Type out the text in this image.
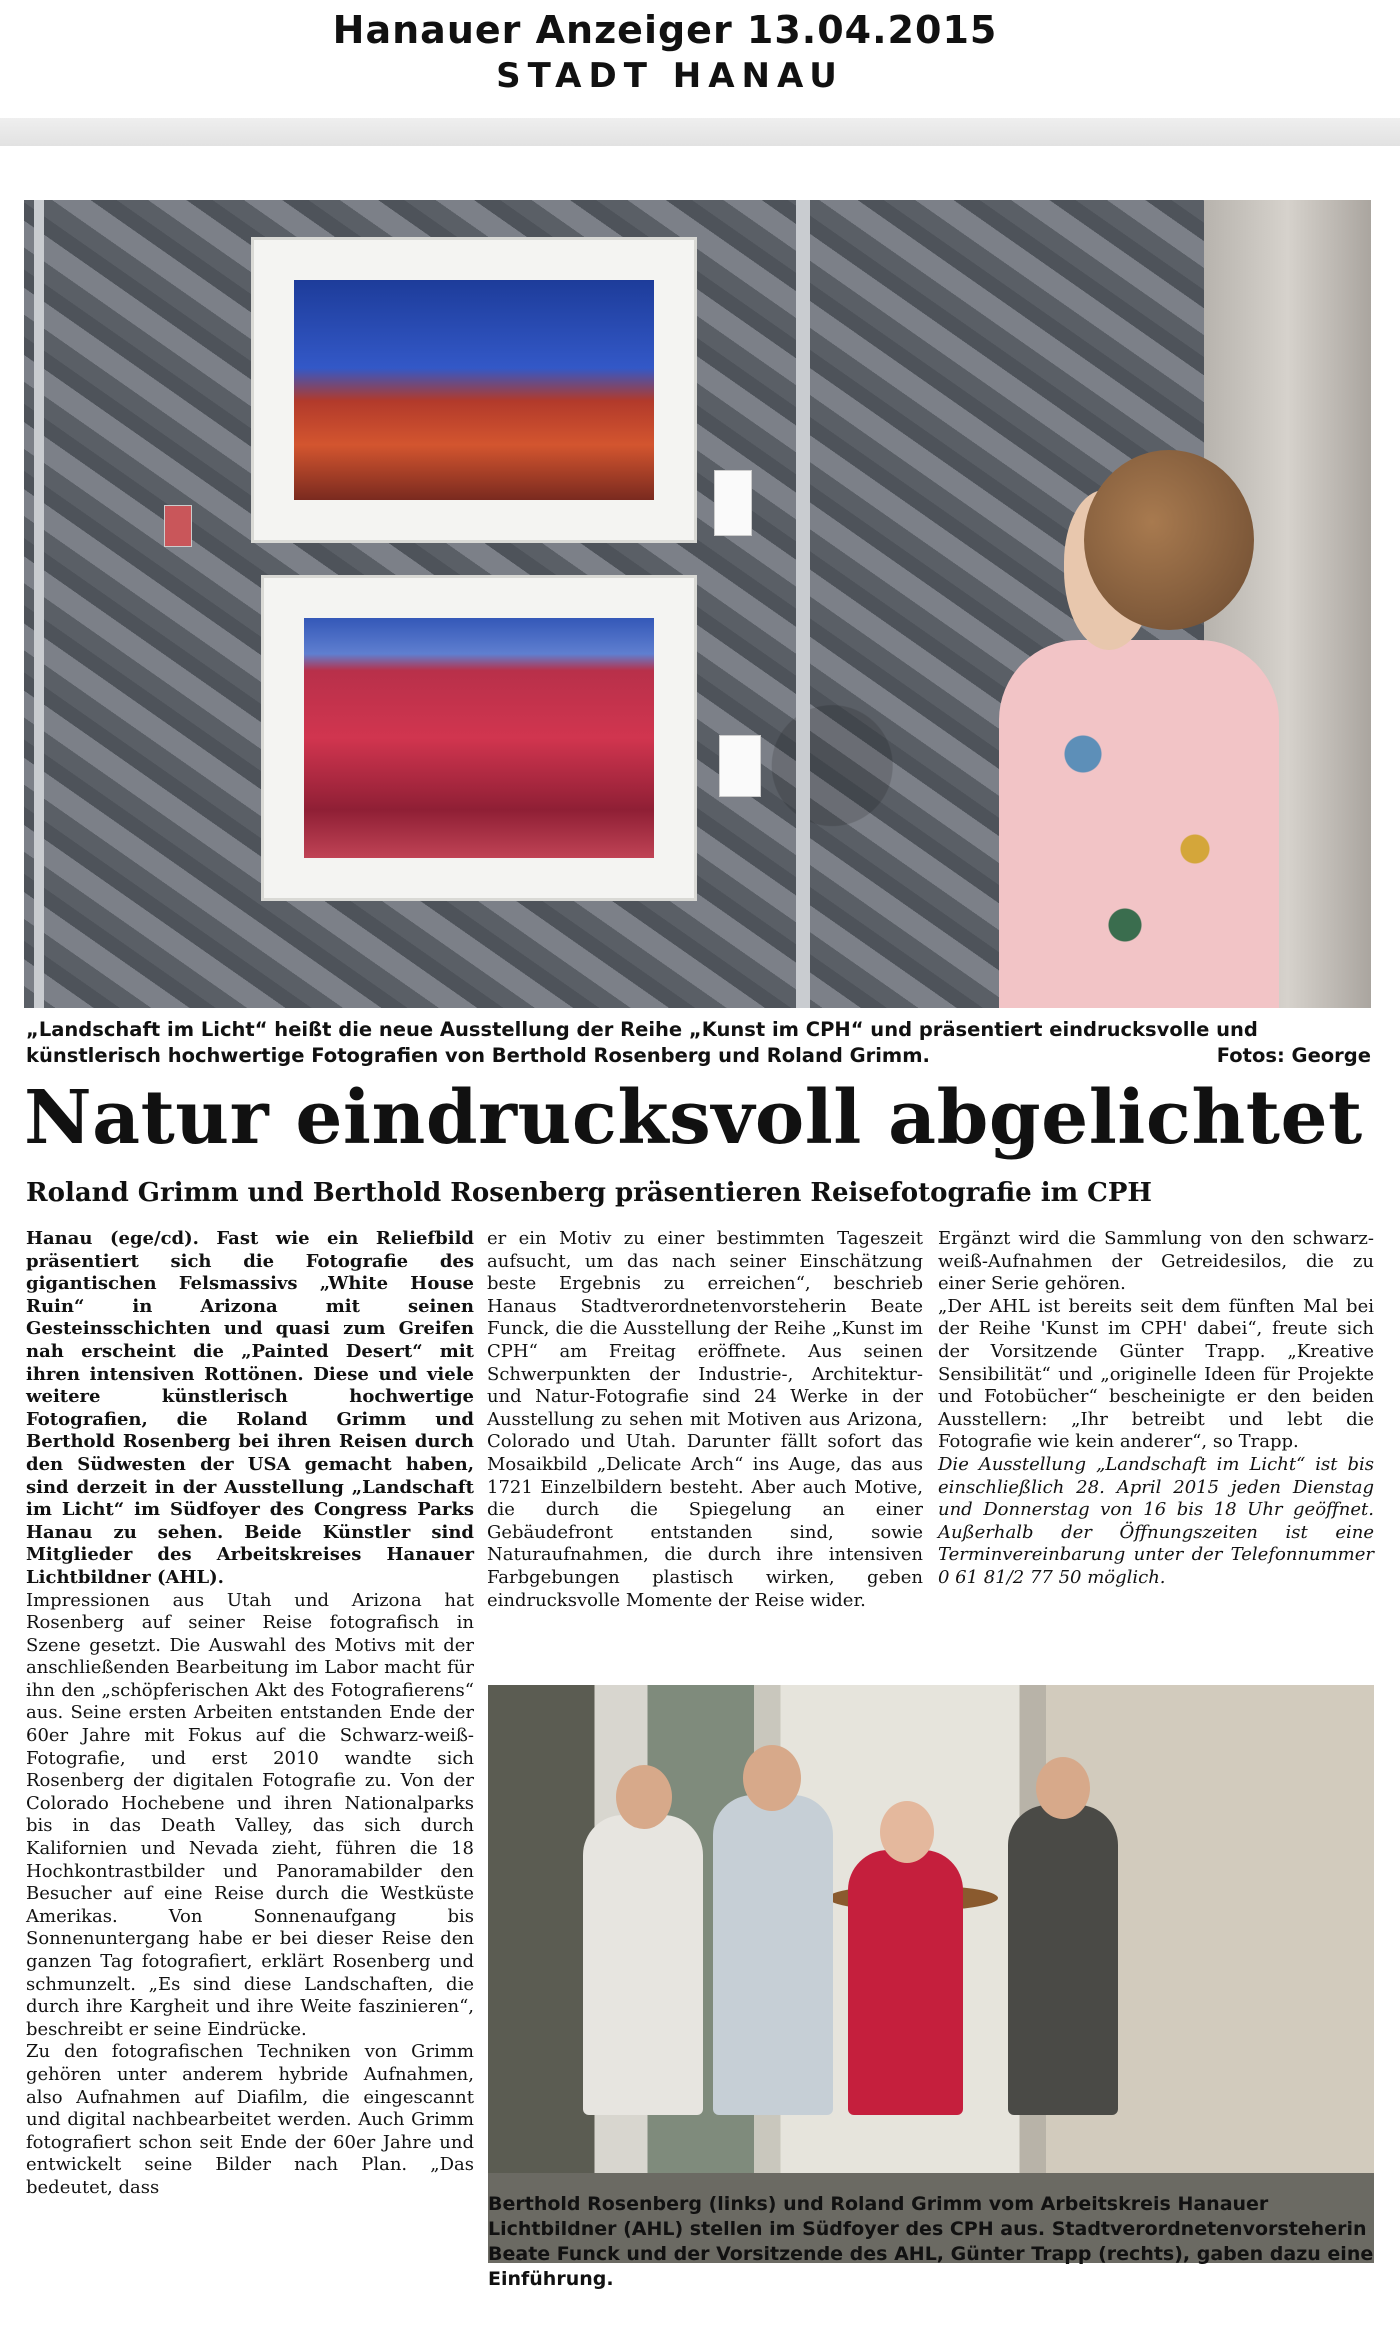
Hanauer Anzeiger 13.04.2015
STADT HANAU
„Landschaft im Licht“ heißt die neue Ausstellung der Reihe „Kunst im CPH“ und präsentiert eindrucksvolle und künstlerisch hochwertige Fotografien von Berthold Rosenberg und Roland Grimm.	Fotos: George
Natur eindrucksvoll abgelichtet
Roland Grimm und Berthold Rosenberg präsentieren Reisefotografie im CPH
Hanau (ege/cd). Fast wie ein Reliefbild präsentiert sich die Fotografie des gigantischen Felsmassivs „White House Ruin“ in Arizona mit seinen Gesteinsschichten und quasi zum Greifen nah erscheint die „Painted Desert“ mit ihren intensiven Rottönen. Diese und viele weitere künstlerisch hochwertige Fotografien, die Roland Grimm und Berthold Rosenberg bei ihren Reisen durch den Südwesten der USA gemacht haben, sind derzeit in der Ausstellung „Landschaft im Licht“ im Südfoyer des Congress Parks Hanau zu sehen. Beide Künstler sind Mitglieder des Arbeitskreises Hanauer Lichtbildner (AHL).
Impressionen aus Utah und Arizona hat Rosenberg auf seiner Reise fotografisch in Szene gesetzt. Die Auswahl des Motivs mit der anschließenden Bearbeitung im Labor macht für ihn den „schöpferischen Akt des Fotografierens“ aus. Seine ersten Arbeiten entstanden Ende der 60er Jahre mit Fokus auf die Schwarz-weiß-Fotografie, und erst 2010 wandte sich Rosenberg der digitalen Fotografie zu. Von der Colorado Hochebene und ihren Nationalparks bis in das Death Valley, das sich durch Kalifornien und Nevada zieht, führen die 18 Hochkontrastbilder und Panoramabilder den Besucher auf eine Reise durch die Westküste Amerikas. Von Sonnenaufgang bis Sonnenuntergang habe er bei dieser Reise den ganzen Tag fotografiert, erklärt Rosenberg und schmunzelt. „Es sind diese Landschaften, die durch ihre Kargheit und ihre Weite faszinieren“, beschreibt er seine Eindrücke.
Zu den fotografischen Techniken von Grimm gehören unter anderem hybride Aufnahmen, also Aufnahmen auf Diafilm, die eingescannt und digital nachbearbeitet werden. Auch Grimm fotografiert schon seit Ende der 60er Jahre und entwickelt seine Bilder nach Plan. „Das bedeutet, dass
er ein Motiv zu einer bestimmten Tageszeit aufsucht, um das nach seiner Einschätzung beste Ergebnis zu erreichen“, beschrieb Hanaus Stadtverordnetenvorsteherin Beate Funck, die die Ausstellung der Reihe „Kunst im CPH“ am Freitag eröffnete. Aus seinen Schwerpunkten der Industrie-, Architektur- und Natur-Fotografie sind 24 Werke in der Ausstellung zu sehen mit Motiven aus Arizona, Colorado und Utah. Darunter fällt sofort das Mosaikbild „Delicate Arch“ ins Auge, das aus 1721 Einzelbildern besteht. Aber auch Motive, die durch die Spiegelung an einer Gebäudefront entstanden sind, sowie Naturaufnahmen, die durch ihre intensiven Farbgebungen plastisch wirken, geben eindrucksvolle Momente der Reise wider.
Ergänzt wird die Sammlung von den schwarz-weiß-Aufnahmen der Getreidesilos, die zu einer Serie gehören.
„Der AHL ist bereits seit dem fünften Mal bei der Reihe 'Kunst im CPH' dabei“, freute sich der Vorsitzende Günter Trapp. „Kreative Sensibilität“ und „originelle Ideen für Projekte und Fotobücher“ bescheinigte er den beiden Ausstellern: „Ihr betreibt und lebt die Fotografie wie kein anderer“, so Trapp.
Die Ausstellung „Landschaft im Licht“ ist bis einschließlich 28. April 2015 jeden Dienstag und Donnerstag von 16 bis 18 Uhr geöffnet. Außerhalb der Öffnungszeiten ist eine Terminvereinbarung unter der Telefonnummer 0 61 81/2 77 50 möglich.
Berthold Rosenberg (links) und Roland Grimm vom Arbeitskreis Hanauer Lichtbildner (AHL) stellen im Südfoyer des CPH aus. Stadtverordnetenvorsteherin Beate Funck und der Vorsitzende des AHL, Günter Trapp (rechts), gaben dazu eine Einführung.
